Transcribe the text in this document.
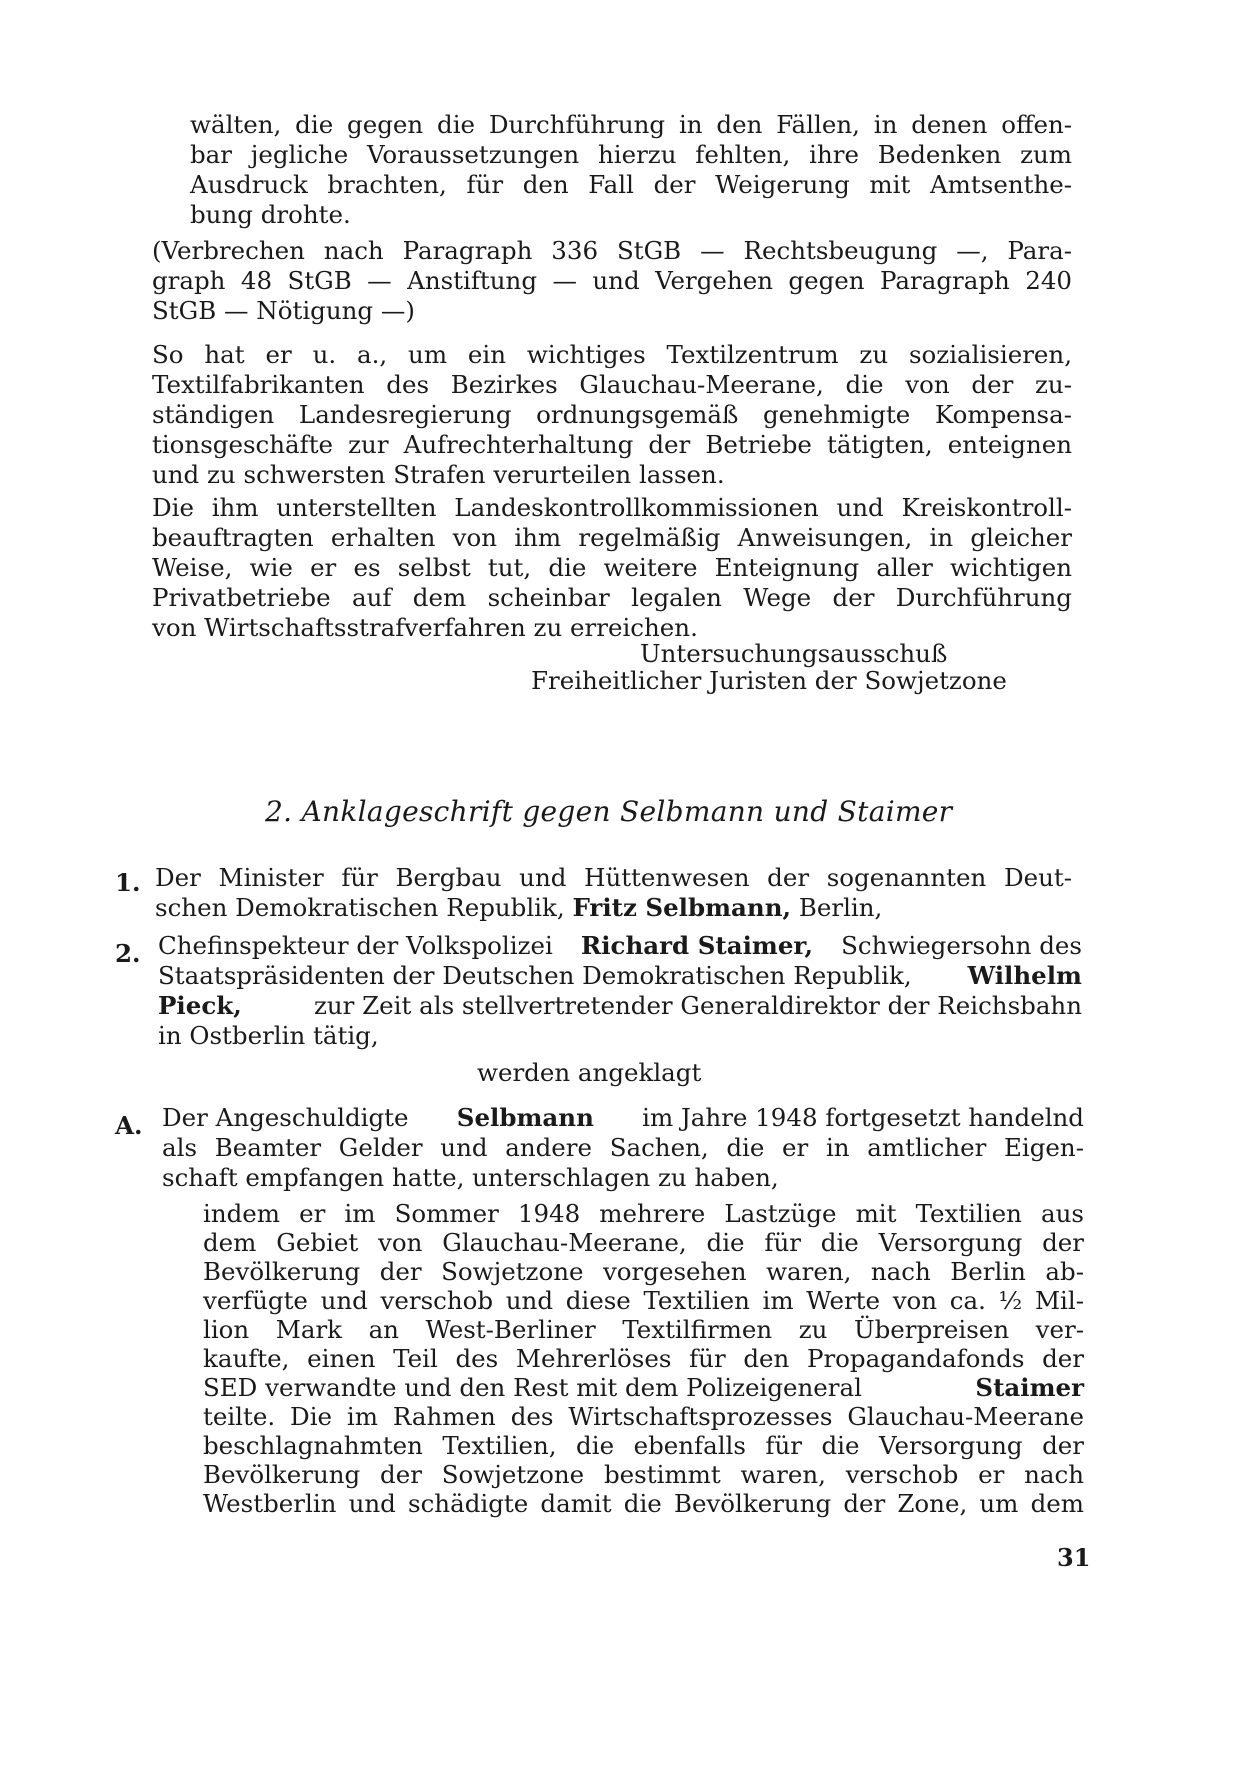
wälten, die gegen die Durchführung in den Fällen, in denen offen-
bar jegliche Voraussetzungen hierzu fehlten, ihre Bedenken zum
Ausdruck brachten, für den Fall der Weigerung mit Amtsenthe-
bung drohte.
(Verbrechen nach Paragraph 336 StGB — Rechtsbeugung —, Para-
graph 48 StGB — Anstiftung — und Vergehen gegen Paragraph 240
StGB — Nötigung —)
So hat er u. a., um ein wichtiges Textilzentrum zu sozialisieren,
Textilfabrikanten des Bezirkes Glauchau-Meerane, die von der zu-
ständigen Landesregierung ordnungsgemäß genehmigte Kompensa-
tionsgeschäfte zur Aufrechterhaltung der Betriebe tätigten, enteignen
und zu schwersten Strafen verurteilen lassen.
Die ihm unterstellten Landeskontrollkommissionen und Kreiskontroll-
beauftragten erhalten von ihm regelmäßig Anweisungen, in gleicher
Weise, wie er es selbst tut, die weitere Enteignung aller wichtigen
Privatbetriebe auf dem scheinbar legalen Wege der Durchführung
von Wirtschaftsstrafverfahren zu erreichen.
Untersuchungsausschuß
Freiheitlicher Juristen der Sowjetzone
2. Anklageschrift gegen Selbmann und Staimer
1. Der Minister für Bergbau und Hüttenwesen der sogenannten Deut-
schen Demokratischen Republik, Fritz Selbmann, Berlin,
2. Chefinspekteur der Volkspolizei Richard Staimer, Schwiegersohn des
Staatspräsidenten der Deutschen Demokratischen Republik, Wilhelm
Pieck,	zur Zeit als stellvertretender Generaldirektor der Reichsbahn
in Ostberlin tätig,
werden angeklagt
A. Der Angeschuldigte Selbmann im Jahre 1948 fortgesetzt handelnd
als Beamter Gelder und andere Sachen, die er in amtlicher Eigen-
schaft empfangen hatte, unterschlagen zu haben,
indem er im Sommer 1948 mehrere Lastzüge mit Textilien aus
dem Gebiet von Glauchau-Meerane, die für die Versorgung der
Bevölkerung der Sowjetzone vorgesehen waren, nach Berlin ab-
verfügte und verschob und diese Textilien im Werte von ca. ½ Mil-
lion Mark an West-Berliner Textilfirmen zu Überpreisen ver-
kaufte, einen Teil des Mehrerlöses für den Propagandafonds der
SED verwandte und den Rest mit dem Polizeigeneral	Staimer
teilte. Die im Rahmen des Wirtschaftsprozesses Glauchau-Meerane
beschlagnahmten Textilien, die ebenfalls für die Versorgung der
Bevölkerung der Sowjetzone bestimmt waren, verschob er nach
Westberlin und schädigte damit die Bevölkerung der Zone, um dem
31
